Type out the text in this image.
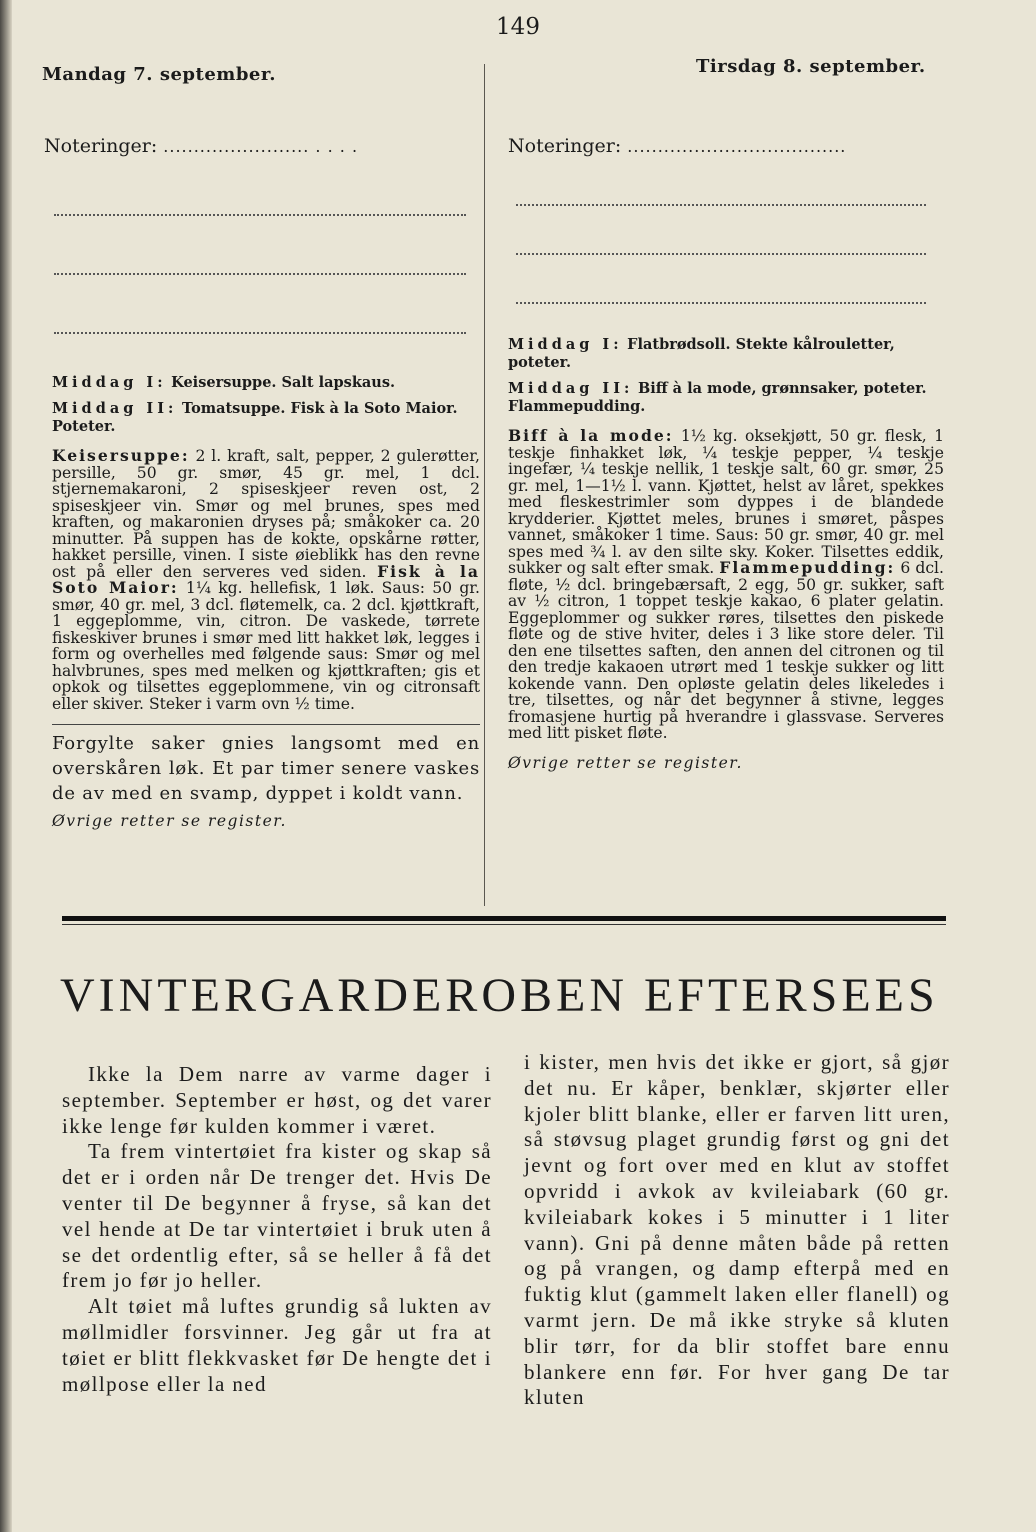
149
Mandag 7. september.
Noteringer: ........................ . . . .
Middag I: Keisersuppe. Salt lapskaus.
Middag II: Tomatsuppe. Fisk à la Soto Maior. Poteter.
Keisersuppe: 2 l. kraft, salt, pepper, 2 gulerøtter, persille, 50 gr. smør, 45 gr. mel, 1 dcl. stjernemakaroni, 2 spiseskjeer reven ost, 2 spiseskjeer vin. Smør og mel brunes, spes med kraften, og makaronien dryses på; småkoker ca. 20 minutter. På suppen has de kokte, opskårne røtter, hakket persille, vinen. I siste øieblikk has den revne ost på eller den serveres ved siden. Fisk à la Soto Maior: 1¼ kg. hellefisk, 1 løk. Saus: 50 gr. smør, 40 gr. mel, 3 dcl. fløtemelk, ca. 2 dcl. kjøttkraft, 1 eggeplomme, vin, citron. De vaskede, tørrete fiskeskiver brunes i smør med litt hakket løk, legges i form og overhelles med følgende saus: Smør og mel halvbrunes, spes med melken og kjøttkraften; gis et opkok og tilsettes eggeplommene, vin og citronsaft eller skiver. Steker i varm ovn ½ time.
Forgylte saker gnies langsomt med en overskåren løk. Et par timer senere vaskes de av med en svamp, dyppet i koldt vann.
Øvrige retter se register.
Tirsdag 8. september.
Noteringer: ....................................
Middag I: Flatbrødsoll. Stekte kålrouletter, poteter.
Middag II: Biff à la mode, grønnsaker, poteter. Flammepudding.
Biff à la mode: 1½ kg. oksekjøtt, 50 gr. flesk, 1 teskje finhakket løk, ¼ teskje pepper, ¼ teskje ingefær, ¼ teskje nellik, 1 teskje salt, 60 gr. smør, 25 gr. mel, 1—1½ l. vann. Kjøttet, helst av låret, spekkes med fleskestrimler som dyppes i de blandede krydderier. Kjøttet meles, brunes i smøret, påspes vannet, småkoker 1 time. Saus: 50 gr. smør, 40 gr. mel spes med ¾ l. av den silte sky. Koker. Tilsettes eddik, sukker og salt efter smak. Flammepudding: 6 dcl. fløte, ½ dcl. bringebærsaft, 2 egg, 50 gr. sukker, saft av ½ citron, 1 toppet teskje kakao, 6 plater gelatin. Eggeplommer og sukker røres, tilsettes den piskede fløte og de stive hviter, deles i 3 like store deler. Til den ene tilsettes saften, den annen del citronen og til den tredje kakaoen utrørt med 1 teskje sukker og litt kokende vann. Den opløste gelatin deles likeledes i tre, tilsettes, og når det begynner å stivne, legges fromasjene hurtig på hverandre i glassvase. Serveres med litt pisket fløte.
Øvrige retter se register.
VINTERGARDEROBEN EFTERSEES

Ikke la Dem narre av varme dager i september. September er høst, og det varer ikke lenge før kulden kommer i været.

Ta frem vintertøiet fra kister og skap så det er i orden når De trenger det. Hvis De venter til De begynner å fryse, så kan det vel hende at De tar vintertøiet i bruk uten å se det ordentlig efter, så se heller å få det frem jo før jo heller.

Alt tøiet må luftes grundig så lukten av møllmidler forsvinner. Jeg går ut fra at tøiet er blitt flekkvasket før De hengte det i møllpose eller la ned

i kister, men hvis det ikke er gjort, så gjør det nu. Er kåper, benklær, skjørter eller kjoler blitt blanke, eller er farven litt uren, så støvsug plaget grundig først og gni det jevnt og fort over med en klut av stoffet opvridd i avkok av kvileiabark (60 gr. kvileiabark kokes i 5 minutter i 1 liter vann). Gni på denne måten både på retten og på vrangen, og damp efterpå med en fuktig klut (gammelt laken eller flanell) og varmt jern. De må ikke stryke så kluten blir tørr, for da blir stoffet bare ennu blankere enn før. For hver gang De tar kluten
